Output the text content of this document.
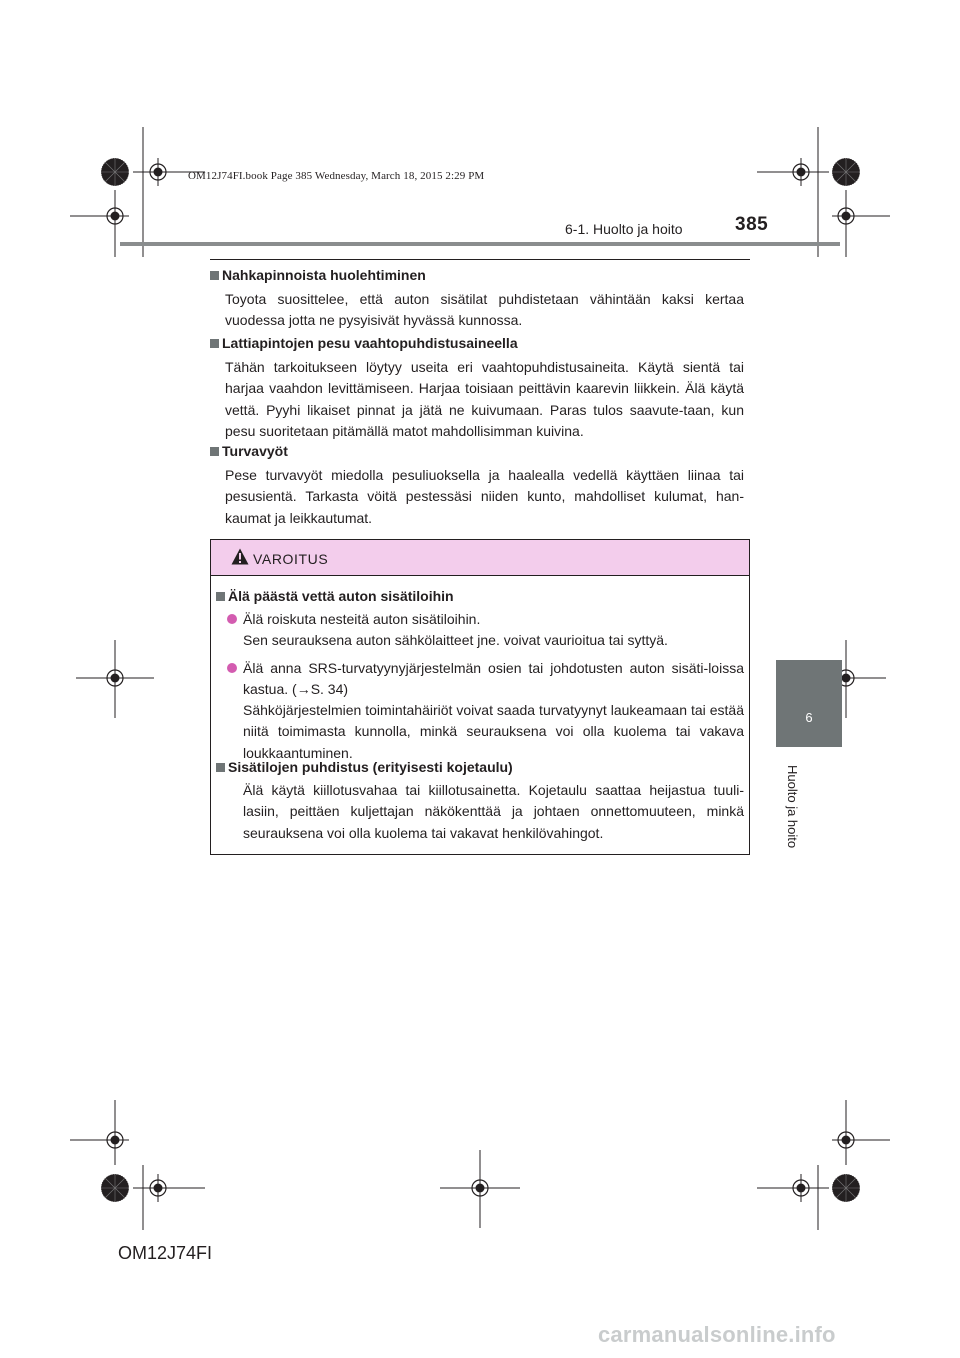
OM12J74FI.book Page 385 Wednesday, March 18, 2015 2:29 PM
6-1. Huolto ja hoito	385
6
Huolto ja hoito
Nahkapinnoista huolehtiminen
Toyota suosittelee, että auton sisätilat puhdistetaan vähintään kaksi kertaa vuodessa jotta ne pysyisivät hyvässä kunnossa.
Lattiapintojen pesu vaahtopuhdistusaineella
Tähän tarkoitukseen löytyy useita eri vaahtopuhdistusaineita. Käytä sientä tai harjaa vaahdon levittämiseen. Harjaa toisiaan peittävin kaarevin liikkein. Älä käytä vettä. Pyyhi likaiset pinnat ja jätä ne kuivumaan. Paras tulos saavute-taan, kun pesu suoritetaan pitämällä matot mahdollisimman kuivina.
Turvavyöt
Pese turvavyöt miedolla pesuliuoksella ja haalealla vedellä käyttäen liinaa tai pesusientä. Tarkasta vöitä pestessäsi niiden kunto, mahdolliset kulumat, han-kaumat ja leikkautumat.
VAROITUS
Älä päästä vettä auton sisätiloihin
Älä roiskuta nesteitä auton sisätiloihin.
Sen seurauksena auton sähkölaitteet jne. voivat vaurioitua tai syttyä.
Älä anna SRS-turvatyynyjärjestelmän osien tai johdotusten auton sisäti-loissa kastua. (→S. 34)
Sähköjärjestelmien toimintahäiriöt voivat saada turvatyynyt laukeamaan tai estää niitä toimimasta kunnolla, minkä seurauksena voi olla kuolema tai vakava loukkaantuminen.
Sisätilojen puhdistus (erityisesti kojetaulu)
Älä käytä kiillotusvahaa tai kiillotusainetta. Kojetaulu saattaa heijastua tuuli-lasiin, peittäen kuljettajan näkökenttää ja johtaen onnettomuuteen, minkä seurauksena voi olla kuolema tai vakavat henkilövahingot.
OM12J74FI
carmanualsonline.info
